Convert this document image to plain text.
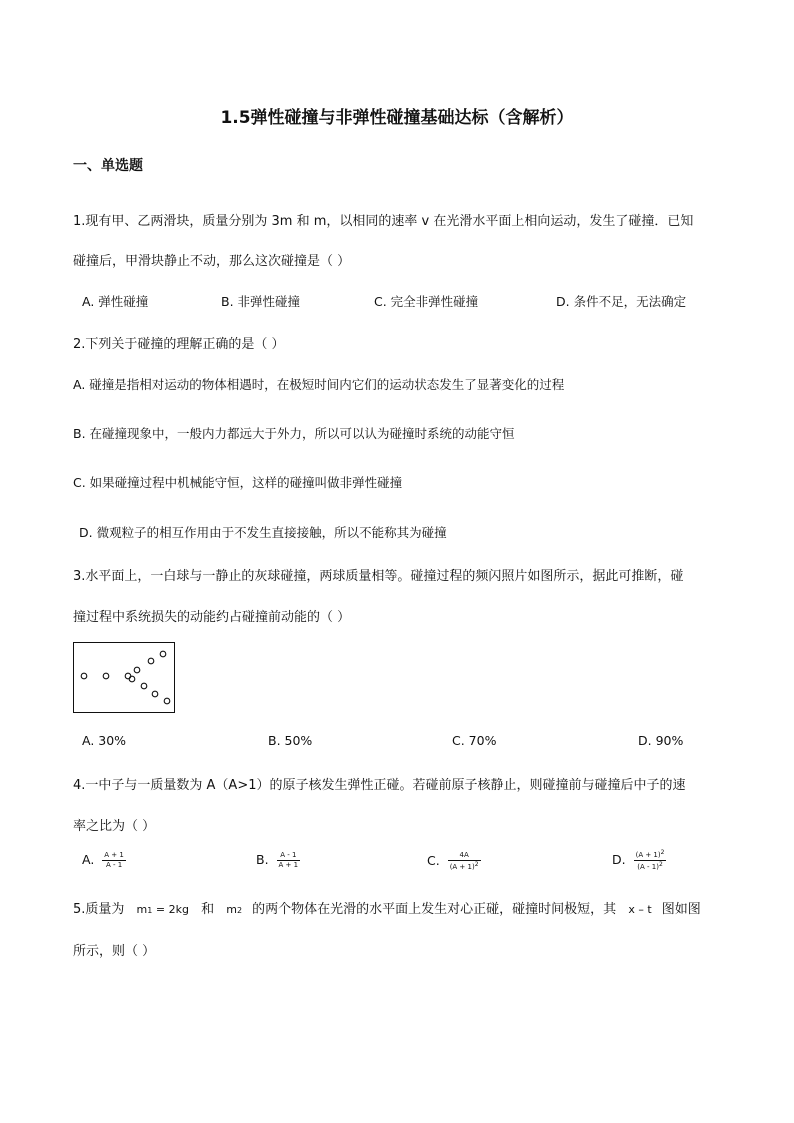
1.5弹性碰撞与非弹性碰撞基础达标（含解析）
一、单选题
1.现有甲、乙两滑块，质量分别为 3m 和 m，以相同的速率 v 在光滑水平面上相向运动，发生了碰撞．已知
碰撞后，甲滑块静止不动，那么这次碰撞是（ ）
A. 弹性碰撞	B. 非弹性碰撞	C. 完全非弹性碰撞	D. 条件不足，无法确定
2.下列关于碰撞的理解正确的是（ ）
A. 碰撞是指相对运动的物体相遇时，在极短时间内它们的运动状态发生了显著变化的过程
B. 在碰撞现象中，一般内力都远大于外力，所以可以认为碰撞时系统的动能守恒
C. 如果碰撞过程中机械能守恒，这样的碰撞叫做非弹性碰撞
D. 微观粒子的相互作用由于不发生直接接触，所以不能称其为碰撞
3.水平面上，一白球与一静止的灰球碰撞，两球质量相等。碰撞过程的频闪照片如图所示，据此可推断，碰
撞过程中系统损失的动能约占碰撞前动能的（ ）
A. 30%	B. 50%	C. 70%	D. 90%
4.一中子与一质量数为 A（A>1）的原子核发生弹性正碰。若碰前原子核静止，则碰撞前与碰撞后中子的速
率之比为（ ）
A. $\frac{A + 1}{A - 1}$	B. $\frac{A - 1}{A + 1}$	C. $\frac{4A}{(A + 1)^2}$	D. $\frac{(A + 1)^2}{(A - 1)^2}$
5.质量为 m1 = 2kg 和 m2 的两个物体在光滑的水平面上发生对心正碰，碰撞时间极短，其 x – t 图如图
所示，则（ ）
